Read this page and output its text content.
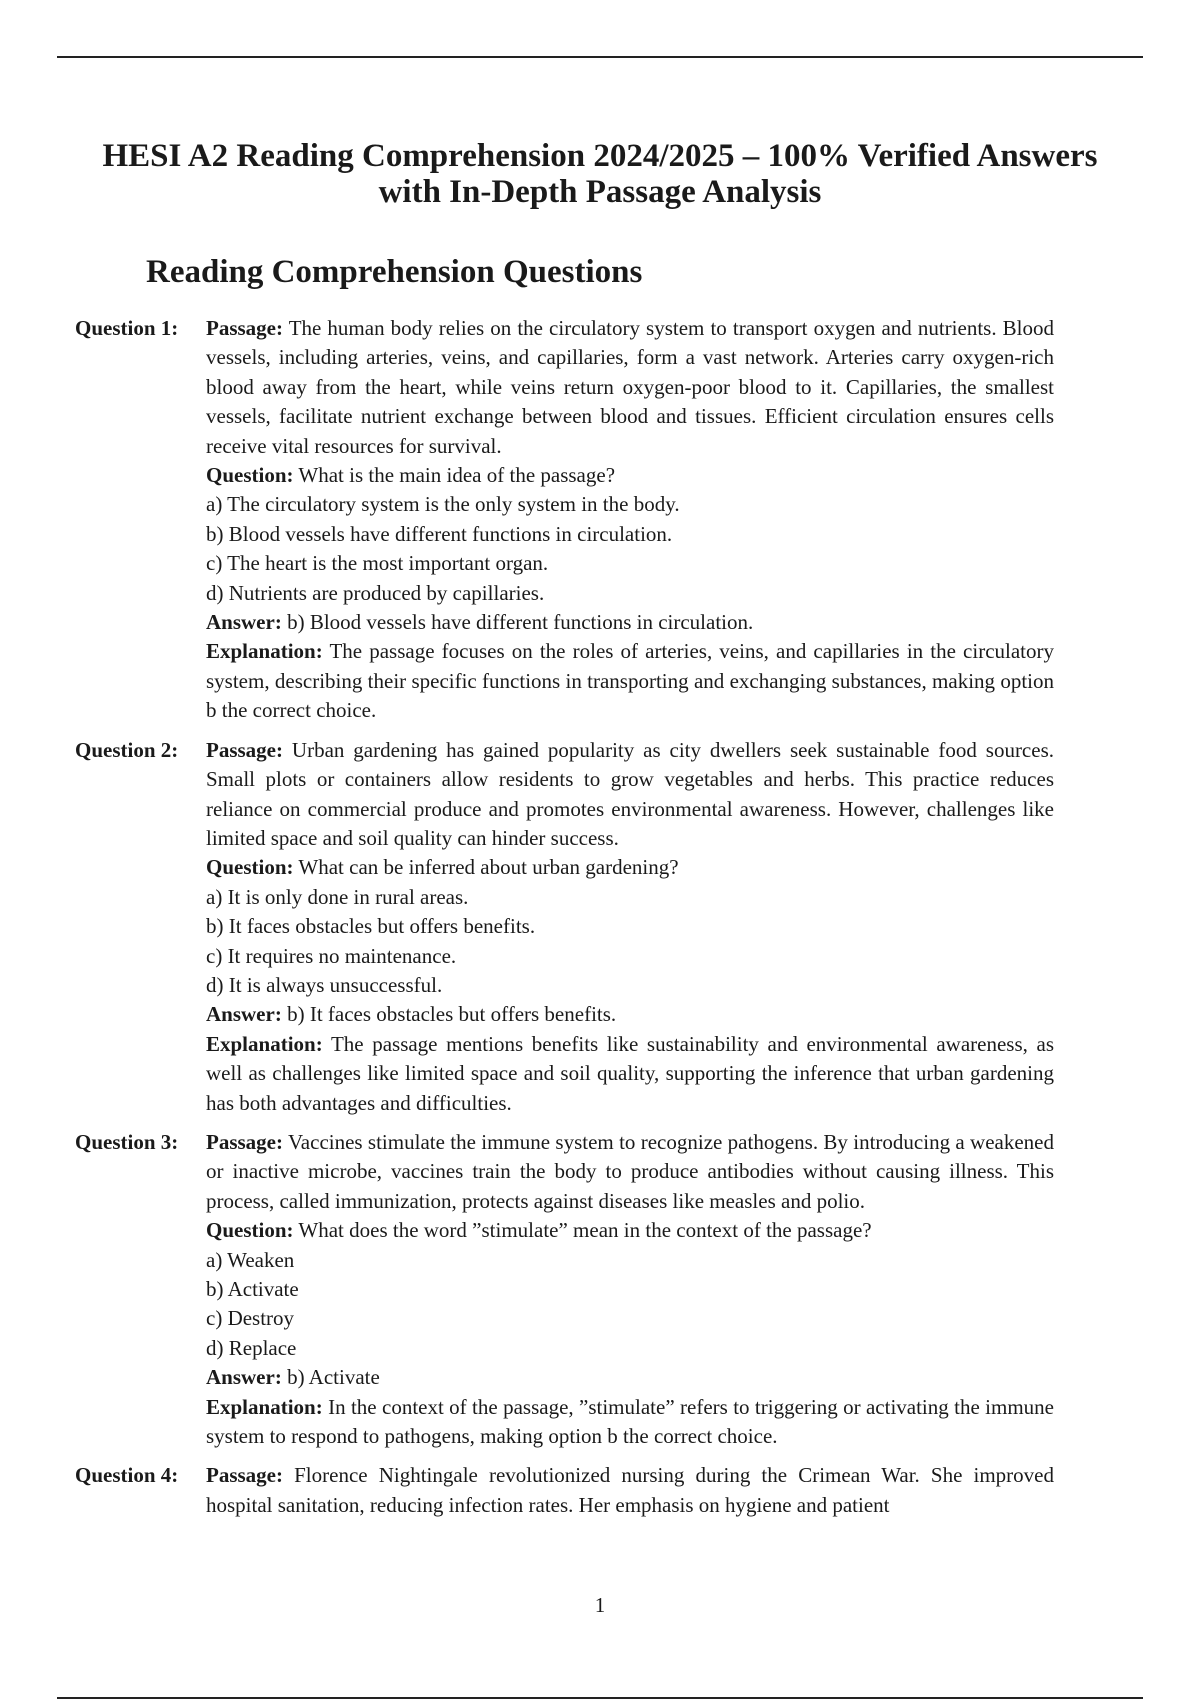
HESI A2 Reading Comprehension 2024/2025 – 100% Verified Answers with In-Depth Passage Analysis
Reading Comprehension Questions
Question 1: Passage: The human body relies on the circulatory system to transport oxygen and nutrients. Blood vessels, including arteries, veins, and capillaries, form a vast network. Arteries carry oxygen-rich blood away from the heart, while veins return oxygen-poor blood to it. Capillaries, the smallest vessels, facilitate nutrient exchange between blood and tissues. Efficient circulation ensures cells receive vital resources for survival.

Question: What is the main idea of the passage?

a) The circulatory system is the only system in the body.

b) Blood vessels have different functions in circulation.

c) The heart is the most important organ.

d) Nutrients are produced by capillaries.

Answer: b) Blood vessels have different functions in circulation.

Explanation: The passage focuses on the roles of arteries, veins, and capillaries in the circulatory system, describing their specific functions in transporting and exchanging substances, making option b the correct choice.

Question 2: Passage: Urban gardening has gained popularity as city dwellers seek sustainable food sources. Small plots or containers allow residents to grow vegetables and herbs. This practice reduces reliance on commercial produce and promotes environmental awareness. However, challenges like limited space and soil quality can hinder success.

Question: What can be inferred about urban gardening?

a) It is only done in rural areas.

b) It faces obstacles but offers benefits.

c) It requires no maintenance.

d) It is always unsuccessful.

Answer: b) It faces obstacles but offers benefits.

Explanation: The passage mentions benefits like sustainability and environmental awareness, as well as challenges like limited space and soil quality, supporting the inference that urban gardening has both advantages and difficulties.

Question 3: Passage: Vaccines stimulate the immune system to recognize pathogens. By introducing a weakened or inactive microbe, vaccines train the body to produce antibodies without causing illness. This process, called immunization, protects against diseases like measles and polio.

Question: What does the word ”stimulate” mean in the context of the passage?

a) Weaken

b) Activate

c) Destroy

d) Replace

Answer: b) Activate

Explanation: In the context of the passage, ”stimulate” refers to triggering or activating the immune system to respond to pathogens, making option b the correct choice.

Question 4: Passage: Florence Nightingale revolutionized nursing during the Crimean War. She improved hospital sanitation, reducing infection rates. Her emphasis on hygiene and patient

1
